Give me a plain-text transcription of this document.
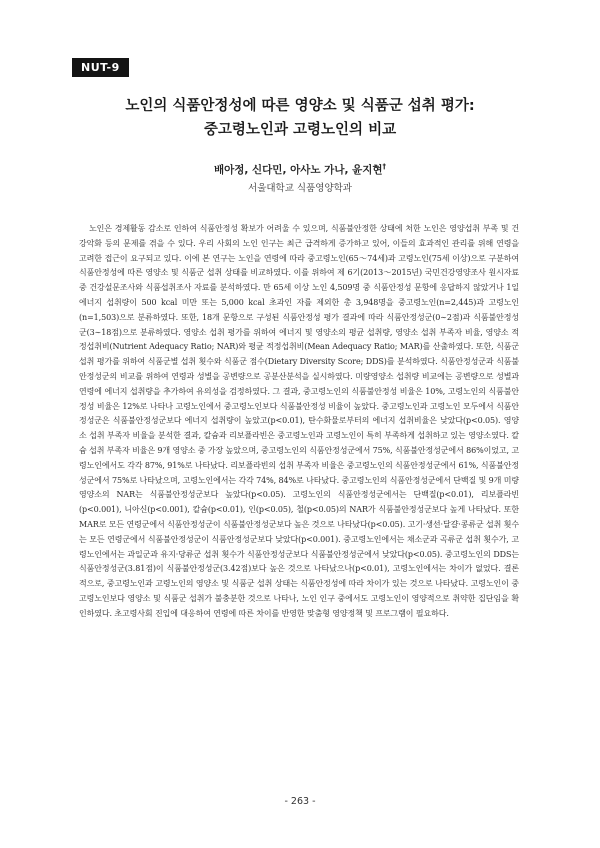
NUT-9
노인의 식품안정성에 따른 영양소 및 식품군 섭취 평가:
중고령노인과 고령노인의 비교
배아정, 신다민, 아사노 가나, 윤지현†
서울대학교 식품영양학과

노인은 경제활동 감소로 인하여 식품안정성 확보가 어려울 수 있으며, 식품불안정한 상태에 처한 노인은 영양섭취 부족 및 건강악화 등의 문제를 겪을 수 있다. 우리 사회의 노인 인구는 최근 급격하게 증가하고 있어, 이들의 효과적인 관리를 위해 연령을 고려한 접근이 요구되고 있다. 이에 본 연구는 노인을 연령에 따라 중고령노인(65～74세)과 고령노인(75세 이상)으로 구분하여 식품안정성에 따른 영양소 및 식품군 섭취 상태를 비교하였다. 이를 위하여 제 6기(2013～2015년) 국민건강영양조사 원시자료 중 건강설문조사와 식품섭취조사 자료를 분석하였다. 만 65세 이상 노인 4,509명 중 식품안정성 문항에 응답하지 않았거나 1일 에너지 섭취량이 500 kcal 미만 또는 5,000 kcal 초과인 자를 제외한 총 3,948명을 중고령노인(n=2,445)과 고령노인(n=1,503)으로 분류하였다. 또한, 18개 문항으로 구성된 식품안정성 평가 결과에 따라 식품안정성군(0∼2점)과 식품불안정성군(3∼18점)으로 분류하였다. 영양소 섭취 평가를 위하여 에너지 및 영양소의 평균 섭취량, 영양소 섭취 부족자 비율, 영양소 적정섭취비(Nutrient Adequacy Ratio; NAR)와 평균 적정섭취비(Mean Adequacy Ratio; MAR)를 산출하였다. 또한, 식품군 섭취 평가를 위하여 식품군별 섭취 횟수와 식품군 점수(Dietary Diversity Score; DDS)를 분석하였다. 식품안정성군과 식품불안정성군의 비교를 위하여 연령과 성별을 공변량으로 공분산분석을 실시하였다. 미량영양소 섭취량 비교에는 공변량으로 성별과 연령에 에너지 섭취량을 추가하여 유의성을 검정하였다. 그 결과, 중고령노인의 식품불안정성 비율은 10%, 고령노인의 식품불안정성 비율은 12%로 나타나 고령노인에서 중고령노인보다 식품불안정성 비율이 높았다. 중고령노인과 고령노인 모두에서 식품안정성군은 식품불안정성군보다 에너지 섭취량이 높았고(p<0.01), 탄수화물로부터의 에너지 섭취비율은 낮았다(p<0.05). 영양소 섭취 부족자 비율을 분석한 결과, 칼슘과 리보플라빈은 중고령노인과 고령노인이 특히 부족하게 섭취하고 있는 영양소였다. 칼슘 섭취 부족자 비율은 9개 영양소 중 가장 높았으며, 중고령노인의 식품안정성군에서 75%, 식품불안정성군에서 86%이었고, 고령노인에서도 각각 87%, 91%로 나타났다. 리보플라빈의 섭취 부족자 비율은 중고령노인의 식품안정성군에서 61%, 식품불안정성군에서 75%로 나타났으며, 고령노인에서는 각각 74%, 84%로 나타났다. 중고령노인의 식품안정성군에서 단백질 및 9개 미량영양소의 NAR는 식품불안정성군보다 높았다(p<0.05). 고령노인의 식품안정성군에서는 단백질(p<0.01), 리보플라빈(p<0.001), 니아신(p<0.001), 칼슘(p<0.01), 인(p<0.05), 철(p<0.05)의 NAR가 식품불안정성군보다 높게 나타났다. 또한 MAR로 모든 연령군에서 식품안정성군이 식품불안정성군보다 높은 것으로 나타났다(p<0.05). 고기·생선·달걀·콩류군 섭취 횟수는 모든 연령군에서 식품불안정성군이 식품안정성군보다 낮았다(p<0.001). 중고령노인에서는 채소군과 곡류군 섭취 횟수가, 고령노인에서는 과일군과 유지·당류군 섭취 횟수가 식품안정성군보다 식품불안정성군에서 낮았다(p<0.05). 중고령노인의 DDS는 식품안정성군(3.81점)이 식품불안정성군(3.42점)보다 높은 것으로 나타났으나(p<0.01), 고령노인에서는 차이가 없었다. 결론적으로, 중고령노인과 고령노인의 영양소 및 식품군 섭취 상태는 식품안정성에 따라 차이가 있는 것으로 나타났다. 고령노인이 중고령노인보다 영양소 및 식품군 섭취가 불충분한 것으로 나타나, 노인 인구 중에서도 고령노인이 영양적으로 취약한 집단임을 확인하였다. 초고령사회 진입에 대응하여 연령에 따른 차이를 반영한 맞춤형 영양정책 및 프로그램이 필요하다.

- 263 -
